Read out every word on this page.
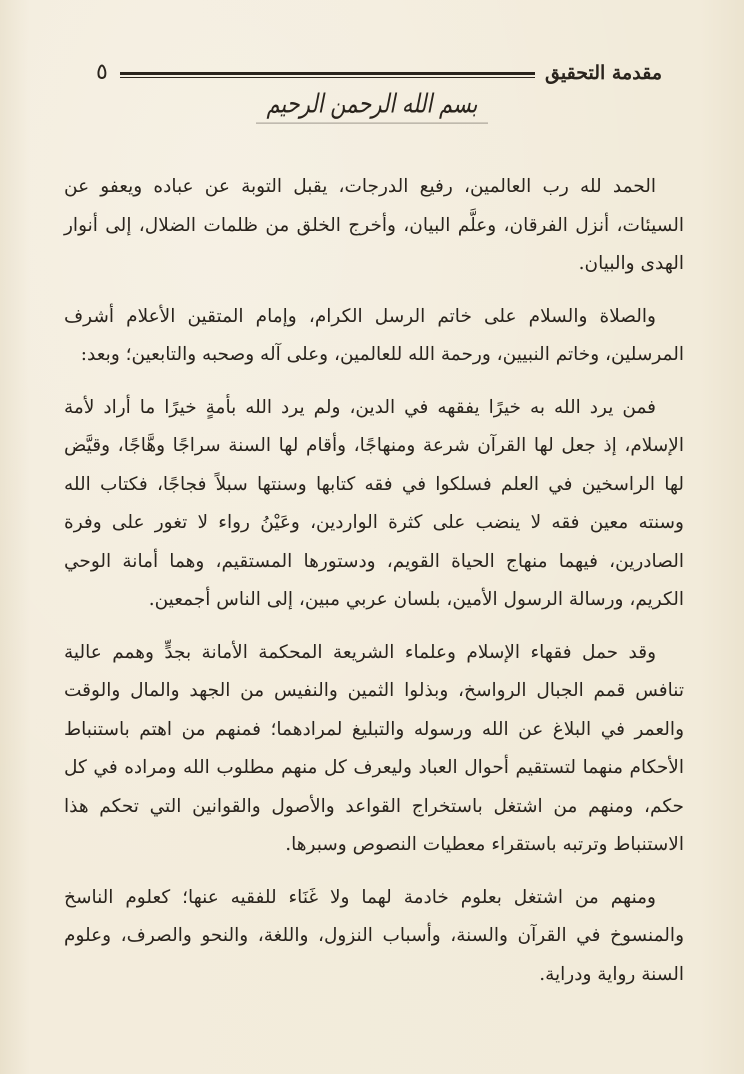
٥	مقدمة التحقيق
بسم الله الرحمن الرحيم

الحمد لله رب العالمين، رفيع الدرجات، يقبل التوبة عن عباده ويعفو عن السيئات، أنزل الفرقان، وعلَّم البيان، وأخرج الخلق من ظلمات الضلال، إلى أنوار الهدى والبيان.

والصلاة والسلام على خاتم الرسل الكرام، وإمام المتقين الأعلام أشرف المرسلين، وخاتم النبيين، ورحمة الله للعالمين، وعلى آله وصحبه والتابعين؛ وبعد:

فمن يرد الله به خيرًا يفقهه في الدين، ولم يرد الله بأمةٍ خيرًا ما أراد لأمة الإسلام، إذ جعل لها القرآن شرعة ومنهاجًا، وأقام لها السنة سراجًا وهَّاجًا، وقيَّض لها الراسخين في العلم فسلكوا في فقه كتابها وسنتها سبلاً فجاجًا، فكتاب الله وسنته معين فقه لا ينضب على كثرة الواردين، وعَيْنُ رواء لا تغور على وفرة الصادرين، فيهما منهاج الحياة القويم، ودستورها المستقيم، وهما أمانة الوحي الكريم، ورسالة الرسول الأمين، بلسان عربي مبين، إلى الناس أجمعين.

وقد حمل فقهاء الإسلام وعلماء الشريعة المحكمة الأمانة بجدٍّ وهمم عالية تنافس قمم الجبال الرواسخ، وبذلوا الثمين والنفيس من الجهد والمال والوقت والعمر في البلاغ عن الله ورسوله والتبليغ لمرادهما؛ فمنهم من اهتم باستنباط الأحكام منهما لتستقيم أحوال العباد وليعرف كل منهم مطلوب الله ومراده في كل حكم، ومنهم من اشتغل باستخراج القواعد والأصول والقوانين التي تحكم هذا الاستنباط وترتبه باستقراء معطيات النصوص وسبرها.

ومنهم من اشتغل بعلوم خادمة لهما ولا غَنَاء للفقيه عنها؛ كعلوم الناسخ والمنسوخ في القرآن والسنة، وأسباب النزول، واللغة، والنحو والصرف، وعلوم السنة رواية ودراية.
